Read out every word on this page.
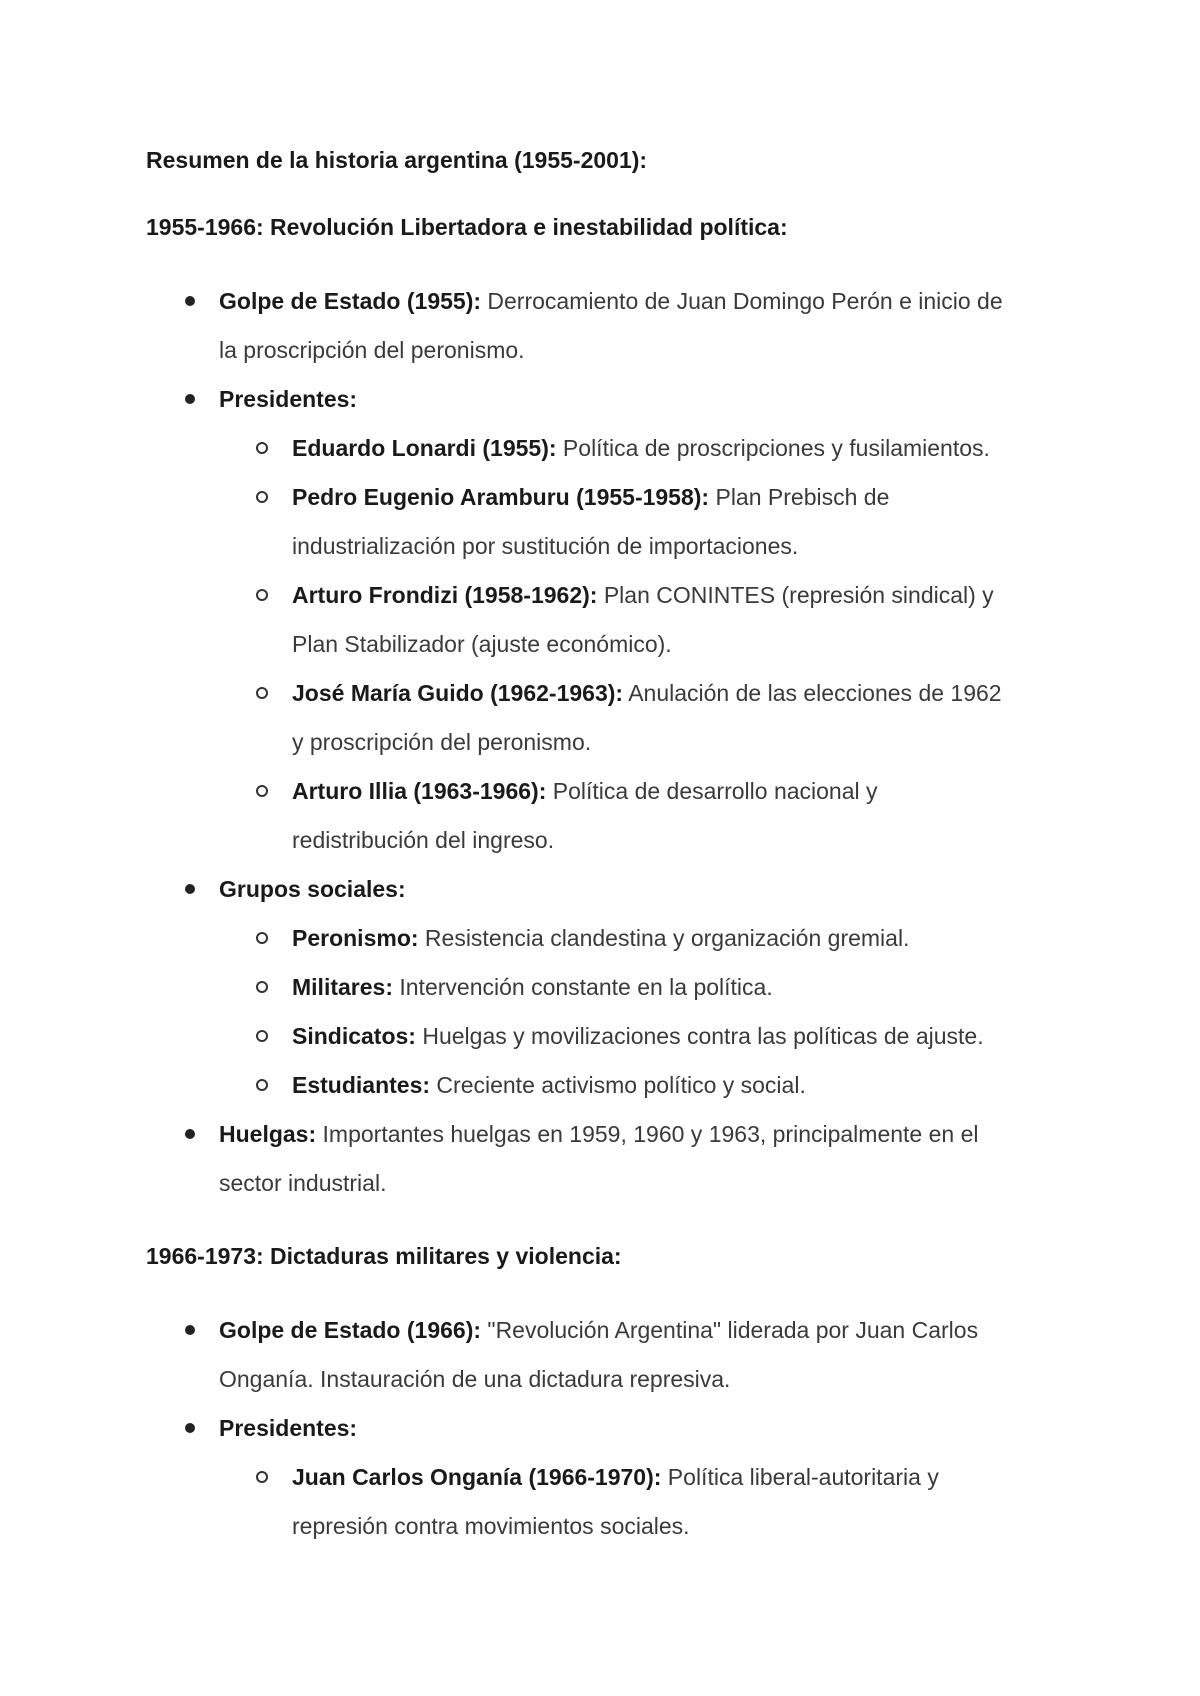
Resumen de la historia argentina (1955-2001):
1955-1966: Revolución Libertadora e inestabilidad política:
Golpe de Estado (1955): Derrocamiento de Juan Domingo Perón e inicio de
la proscripción del peronismo.
Presidentes:
Eduardo Lonardi (1955): Política de proscripciones y fusilamientos.
Pedro Eugenio Aramburu (1955-1958): Plan Prebisch de
industrialización por sustitución de importaciones.
Arturo Frondizi (1958-1962): Plan CONINTES (represión sindical) y
Plan Stabilizador (ajuste económico).
José María Guido (1962-1963): Anulación de las elecciones de 1962
y proscripción del peronismo.
Arturo Illia (1963-1966): Política de desarrollo nacional y
redistribución del ingreso.
Grupos sociales:
Peronismo: Resistencia clandestina y organización gremial.
Militares: Intervención constante en la política.
Sindicatos: Huelgas y movilizaciones contra las políticas de ajuste.
Estudiantes: Creciente activismo político y social.
Huelgas: Importantes huelgas en 1959, 1960 y 1963, principalmente en el
sector industrial.
1966-1973: Dictaduras militares y violencia:
Golpe de Estado (1966): "Revolución Argentina" liderada por Juan Carlos
Onganía. Instauración de una dictadura represiva.
Presidentes:
Juan Carlos Onganía (1966-1970): Política liberal-autoritaria y
represión contra movimientos sociales.
